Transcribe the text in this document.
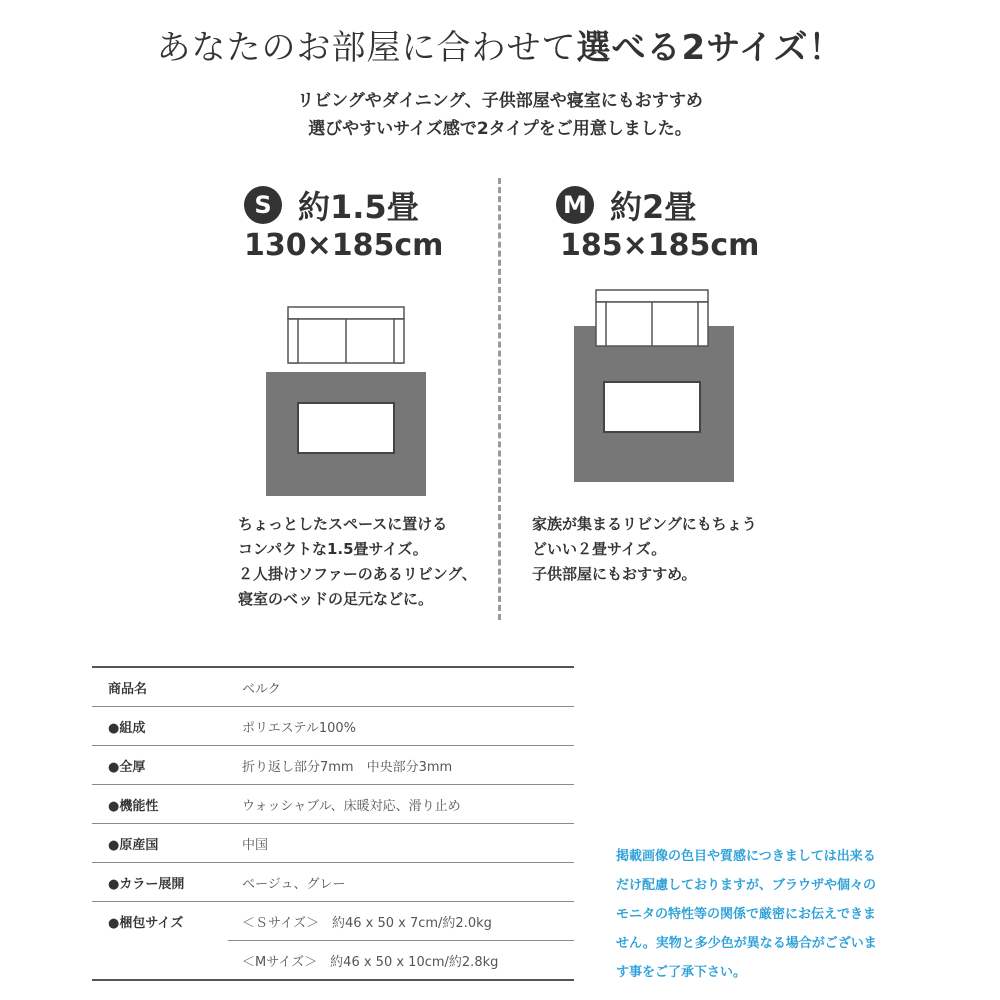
あなたのお部屋に合わせて選べる2サイズ！
リビングやダイニング、子供部屋や寝室にもおすすめ
選びやすいサイズ感で2タイプをご用意しました。
S 約1.5畳
130×185cm
ちょっとしたスペースに置ける
コンパクトな1.5畳サイズ。
２人掛けソファーのあるリビング、
寝室のベッドの足元などに。
M 約2畳
185×185cm
家族が集まるリビングにもちょう
どいい２畳サイズ。
子供部屋にもおすすめ。
商品名	ベルク
●組成	ポリエステル100%
●全厚	折り返し部分7mm　中央部分3mm
●機能性	ウォッシャブル、床暖対応、滑り止め
●原産国	中国
●カラー展開	ベージュ、グレー
●梱包サイズ	＜Ｓサイズ＞　約46 x 50 x 7cm/約2.0kg
＜Mサイズ＞　約46 x 50 x 10cm/約2.8kg
掲載画像の色目や質感につきましては出来る
だけ配慮しておりますが、ブラウザや個々の
モニタの特性等の関係で厳密にお伝えできま
せん。実物と多少色が異なる場合がございま
す事をご了承下さい。
